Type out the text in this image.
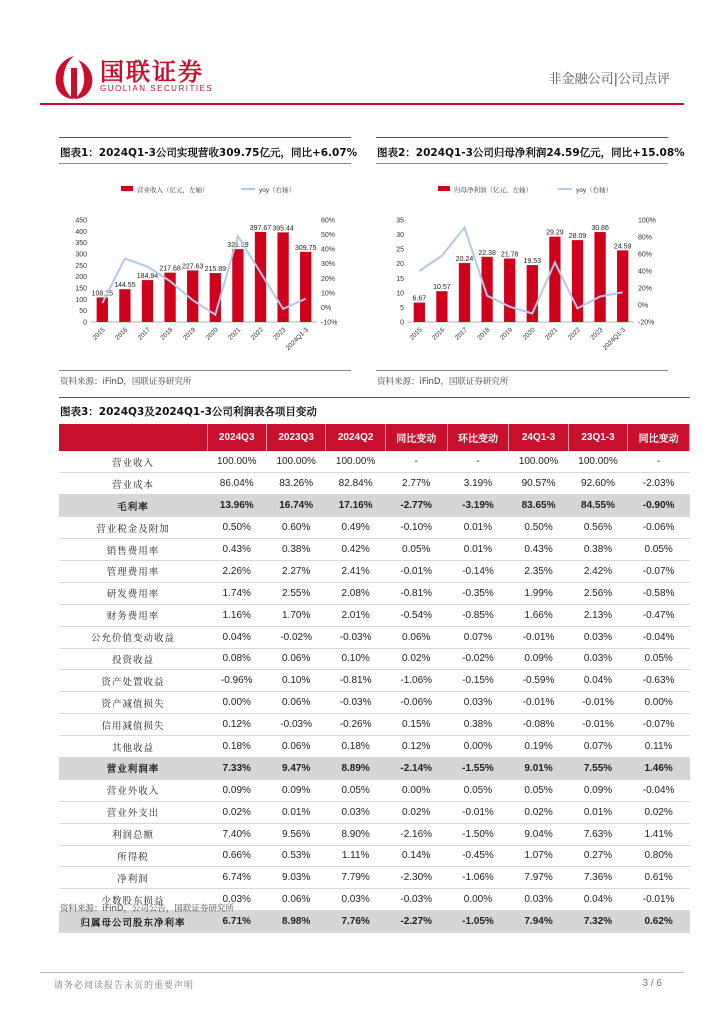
国联证券
GUOLIAN SECURITIES
非金融公司|公司点评
图表1：2024Q1-3公司实现营收309.75亿元，同比+6.07%
营业收入（亿元，左轴）	yoy（右轴）
0
50
100
150
200
250
300
350
400
450
-10%
0%
10%
20%
30%
40%
50%
60%
108.25
144.55
184.94
217.68 227.63 215.89
321.59
397.67 395.44
309.75
2015 2016 2017 2018 2019 2020 2021 2022 2023
2024Q1-3
资料来源：iFinD，国联证券研究所
图表2：2024Q1-3公司归母净利润24.59亿元，同比+15.08%
归母净利润（亿元，左轴）	yoy（右轴）
0
5
10
15
20
25
30
35
-20%
0%
20%
40%
60%
80%
100%
6.67
10.57
20.24
22.38 21.78
19.53
29.29 28.09
30.86
24.59
2015 2016 2017 2018 2019 2020 2021 2022 2023
2024Q1-3
资料来源：iFinD，国联证券研究所
图表3：2024Q3及2024Q1-3公司利润表各项目变动
	2024Q3	2023Q3	2024Q2	同比变动	环比变动	24Q1-3	23Q1-3	同比变动
营业收入	100.00%	100.00%	100.00%	-	-	100.00%	100.00%	-
营业成本	86.04%	83.26%	82.84%	2.77%	3.19%	90.57%	92.60%	-2.03%
毛利率	13.96%	16.74%	17.16%	-2.77%	-3.19%	83.65%	84.55%	-0.90%
营业税金及附加	0.50%	0.60%	0.49%	-0.10%	0.01%	0.50%	0.56%	-0.06%
销售费用率	0.43%	0.38%	0.42%	0.05%	0.01%	0.43%	0.38%	0.05%
管理费用率	2.26%	2.27%	2.41%	-0.01%	-0.14%	2.35%	2.42%	-0.07%
研发费用率	1.74%	2.55%	2.08%	-0.81%	-0.35%	1.99%	2.56%	-0.58%
财务费用率	1.16%	1.70%	2.01%	-0.54%	-0.85%	1.66%	2.13%	-0.47%
公允价值变动收益	0.04%	-0.02%	-0.03%	0.06%	0.07%	-0.01%	0.03%	-0.04%
投资收益	0.08%	0.06%	0.10%	0.02%	-0.02%	0.09%	0.03%	0.05%
资产处置收益	-0.96%	0.10%	-0.81%	-1.06%	-0.15%	-0.59%	0.04%	-0.63%
资产减值损失	0.00%	0.06%	-0.03%	-0.06%	0.03%	-0.01%	-0.01%	0.00%
信用减值损失	0.12%	-0.03%	-0.26%	0.15%	0.38%	-0.08%	-0.01%	-0.07%
其他收益	0.18%	0.06%	0.18%	0.12%	0.00%	0.19%	0.07%	0.11%
营业利润率	7.33%	9.47%	8.89%	-2.14%	-1.55%	9.01%	7.55%	1.46%
营业外收入	0.09%	0.09%	0.05%	0.00%	0.05%	0.05%	0.09%	-0.04%
营业外支出	0.02%	0.01%	0.03%	0.02%	-0.01%	0.02%	0.01%	0.02%
利润总额	7.40%	9.56%	8.90%	-2.16%	-1.50%	9.04%	7.63%	1.41%
所得税	0.66%	0.53%	1.11%	0.14%	-0.45%	1.07%	0.27%	0.80%
净利润	6.74%	9.03%	7.79%	-2.30%	-1.06%	7.97%	7.36%	0.61%
少数股东损益	0.03%	0.06%	0.03%	-0.03%	0.00%	0.03%	0.04%	-0.01%
归属母公司股东净利率	6.71%	8.98%	7.76%	-2.27%	-1.05%	7.94%	7.32%	0.62%
资料来源：iFinD，公司公告，国联证券研究所
请务必阅读报告末页的重要声明	3 / 6
